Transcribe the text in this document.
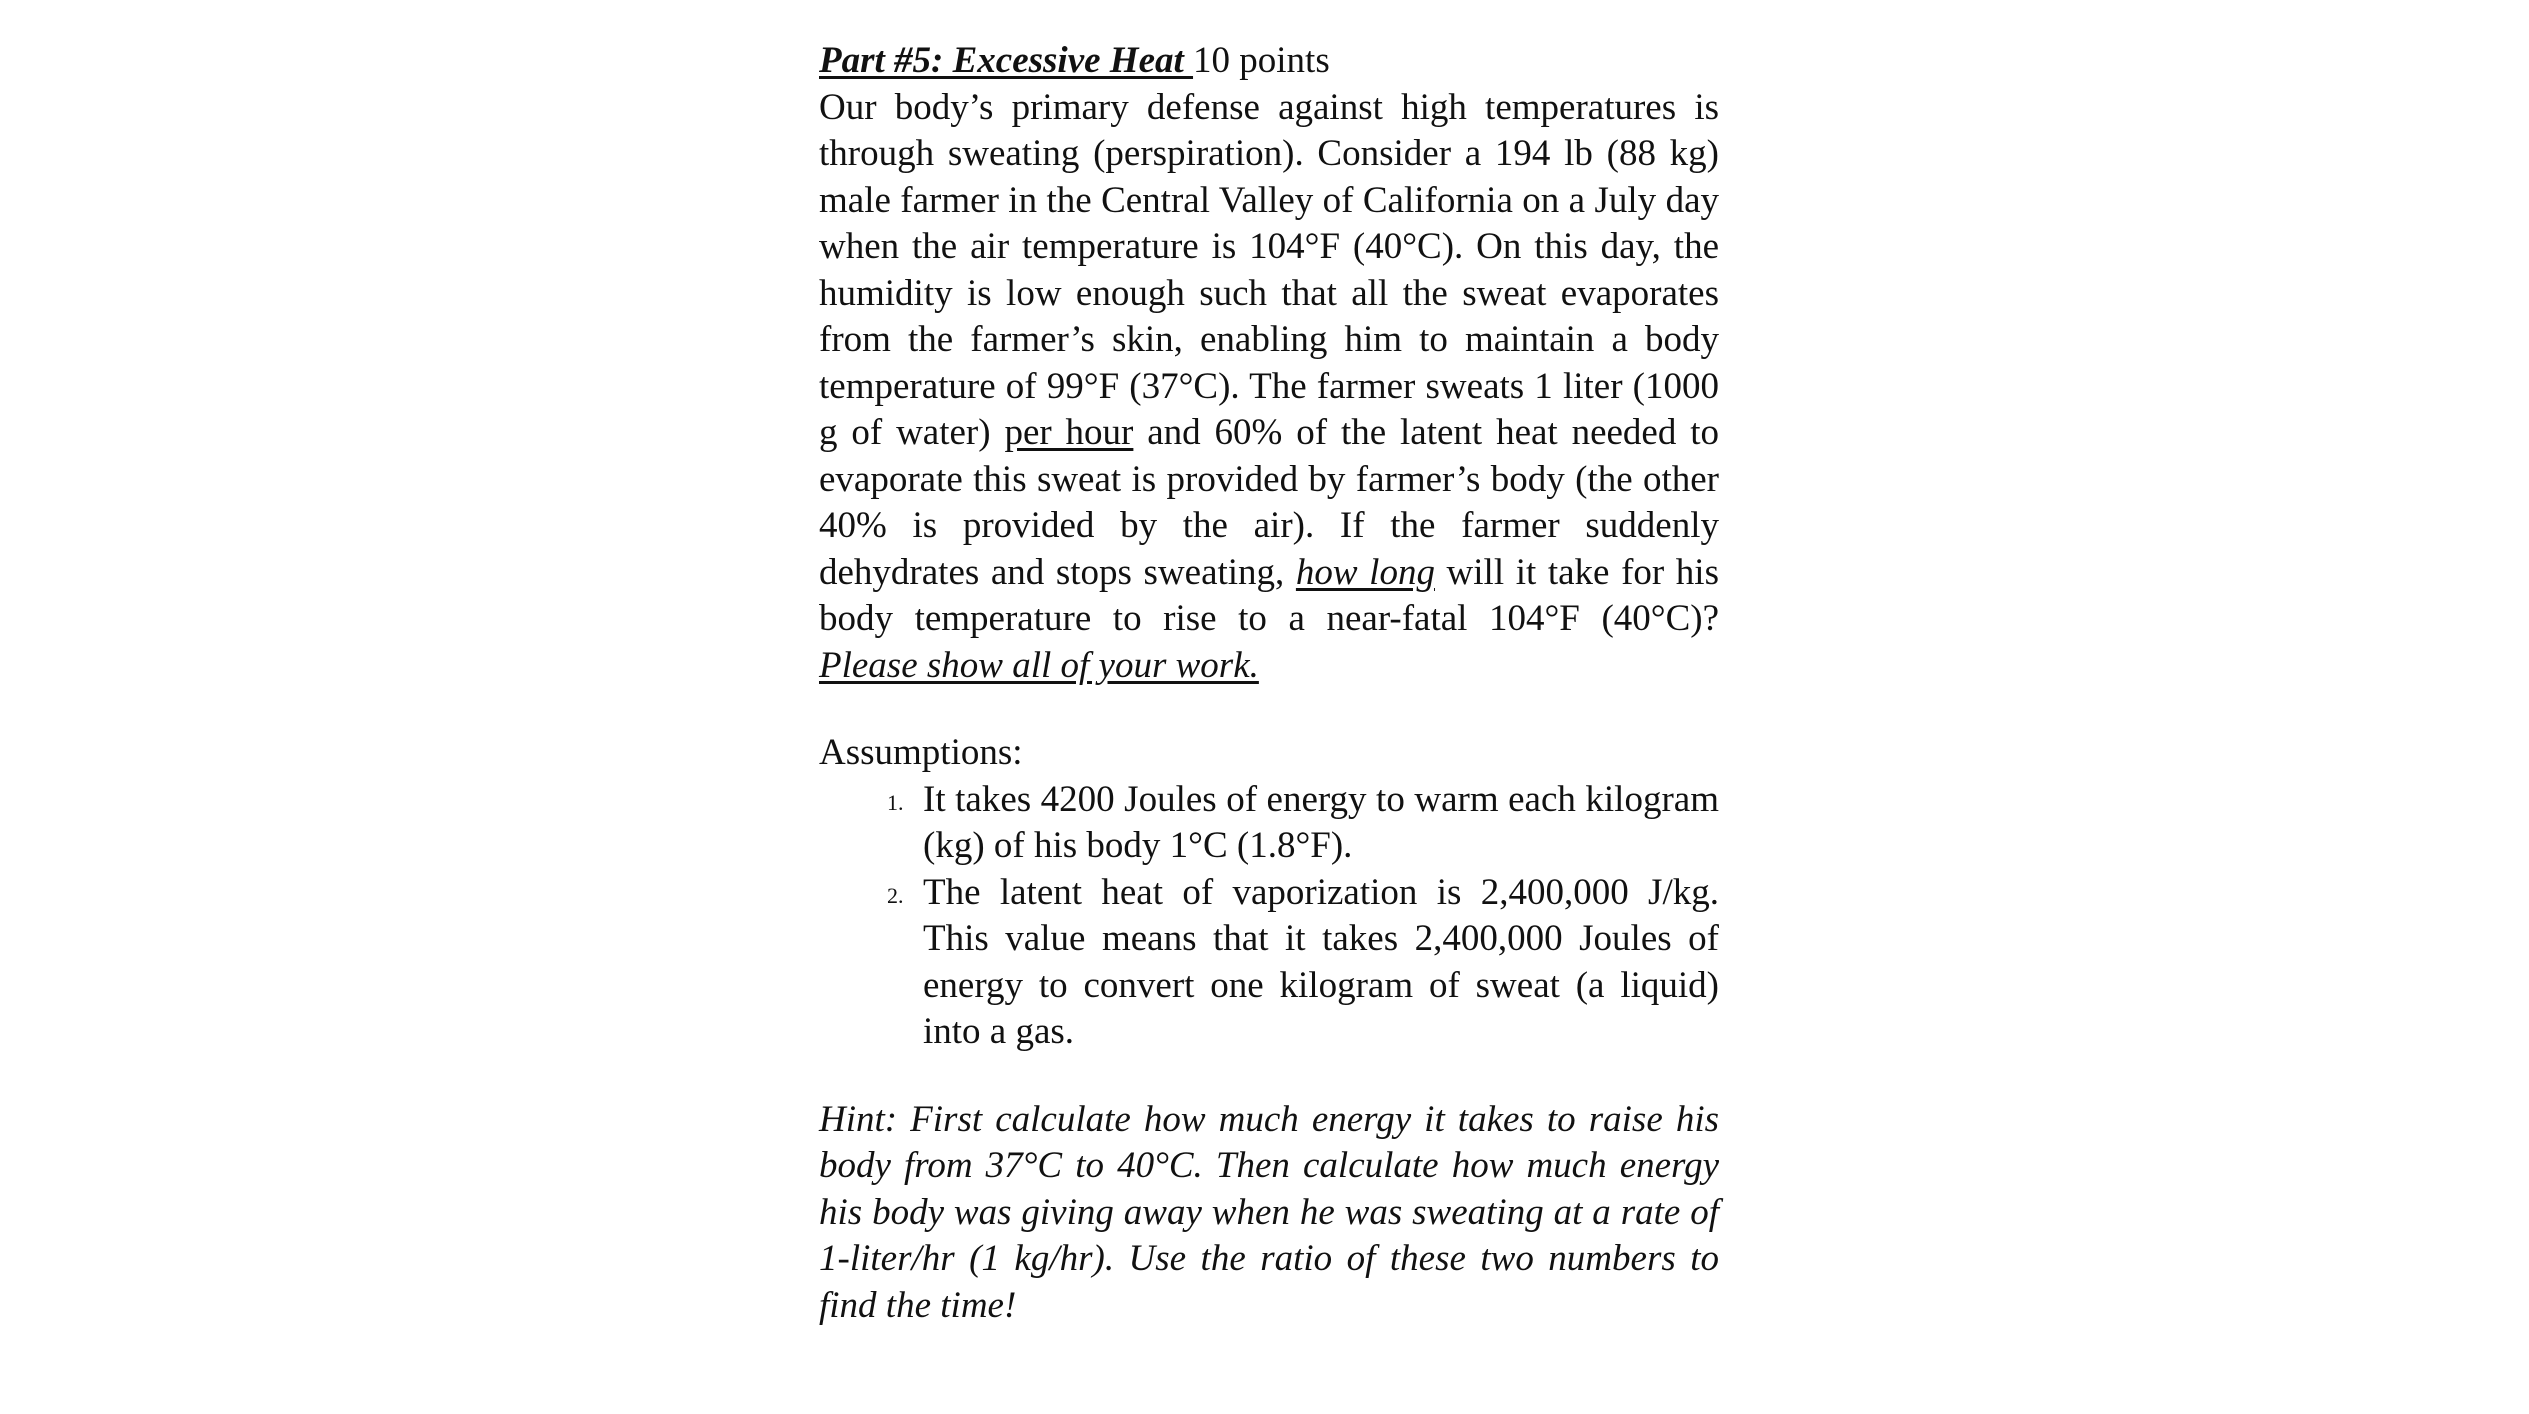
Part #5: Excessive Heat 10 points

Our body’s primary defense against high temperatures is through sweating (perspiration). Consider a 194 lb (88 kg) male farmer in the Central Valley of California on a July day when the air temperature is 104°F (40°C). On this day, the humidity is low enough such that all the sweat evaporates from the farmer’s skin, enabling him to maintain a body temperature of 99°F (37°C). The farmer sweats 1 liter (1000 g of water) per hour and 60% of the latent heat needed to evaporate this sweat is provided by farmer’s body (the other 40% is provided by the air). If the farmer suddenly dehydrates and stops sweating, how long will it take for his body temperature to rise to a near-fatal 104°F (40°C)? Please show all of your work.

Assumptions:

1. It takes 4200 Joules of energy to warm each kilogram (kg) of his body 1°C (1.8°F).
2. The latent heat of vaporization is 2,400,000 J/kg. This value means that it takes 2,400,000 Joules of energy to convert one kilogram of sweat (a liquid) into a gas.

Hint: First calculate how much energy it takes to raise his body from 37°C to 40°C. Then calculate how much energy his body was giving away when he was sweating at a rate of 1-liter/hr (1 kg/hr). Use the ratio of these two numbers to find the time!
